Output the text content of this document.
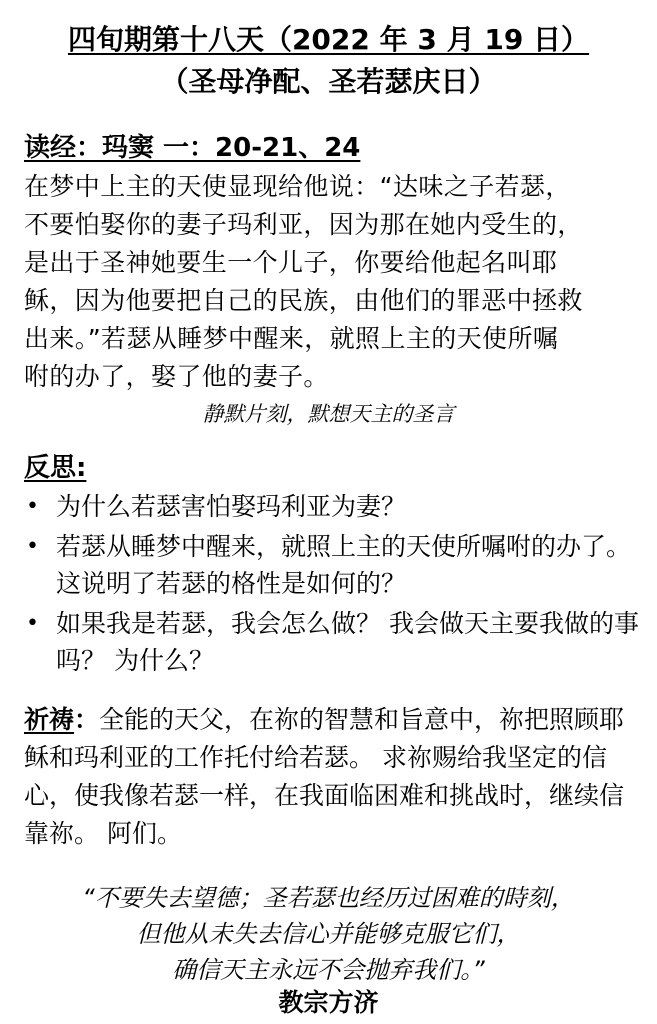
四旬期第十八天（2022 年 3 月 19 日）
（圣母净配、圣若瑟庆日）
读经：玛窦 一：20-21、24
在梦中上主的天使显现给他说：“达味之子若瑟，
不要怕娶你的妻子玛利亚，因为那在她内受生的，
是出于圣神她要生一个儿子，你要给他起名叫耶
稣，因为他要把自己的民族，由他们的罪恶中拯救
出来。”若瑟从睡梦中醒来，就照上主的天使所嘱
咐的办了，娶了他的妻子。
静默片刻，默想天主的圣言
反思:
• 为什么若瑟害怕娶玛利亚为妻？
• 若瑟从睡梦中醒来，就照上主的天使所嘱咐的办了。这说明了若瑟的格性是如何的？
• 如果我是若瑟，我会怎么做？ 我会做天主要我做的事吗？ 为什么？
祈祷：全能的天父，在祢的智慧和旨意中，祢把照顾耶稣和玛利亚的工作托付给若瑟。 求祢赐给我坚定的信心，使我像若瑟一样，在我面临困难和挑战时，继续信靠祢。 阿们。
“不要失去望德；圣若瑟也经历过困难的時刻，
但他从未失去信心并能够克服它们，
确信天主永远不会抛弃我们。”
教宗方济
